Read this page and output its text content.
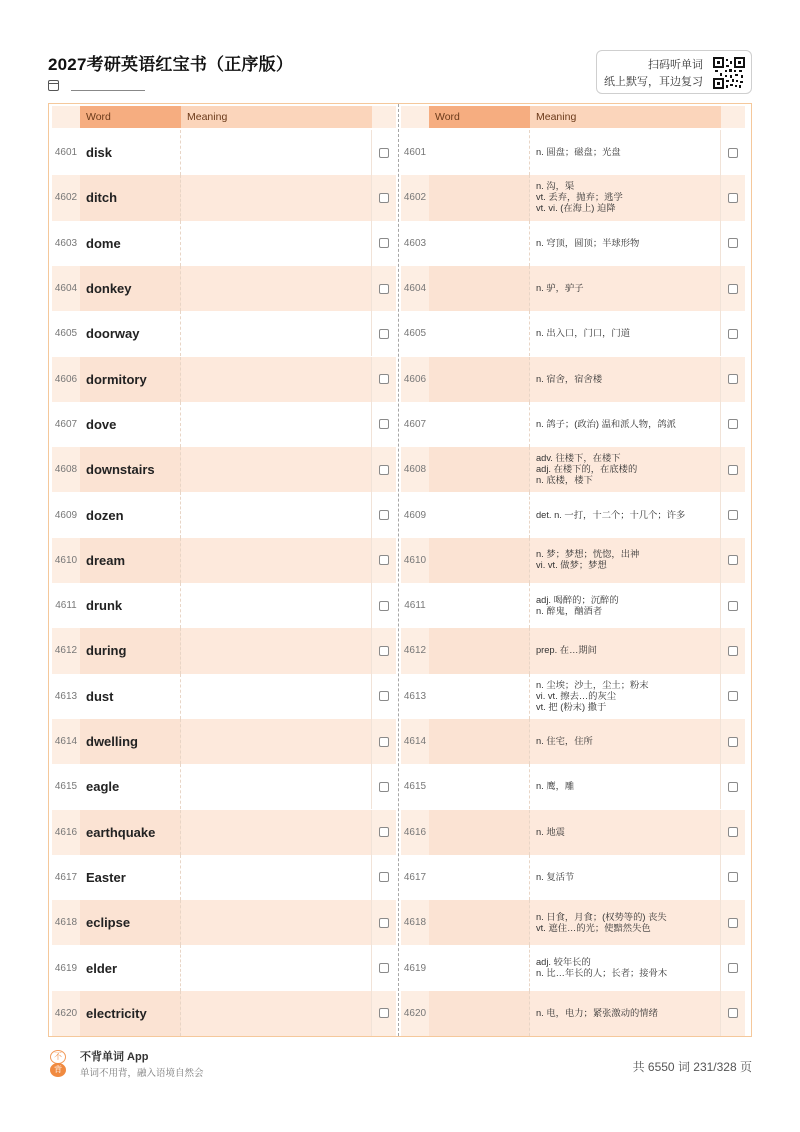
2027考研英语红宝书（正序版）	扫码听单词
纸上默写，耳边复习
Word	Meaning
4601 disk
4602 ditch
4603 dome
4604 donkey
4605 doorway
4606 dormitory
4607 dove
4608 downstairs
4609 dozen
4610 dream
4611 drunk
4612 during
4613 dust
4614 dwelling
4615 eagle
4616 earthquake
4617 Easter
4618 eclipse
4619 elder
4620 electricity
Word	Meaning
4601	n. 圆盘；磁盘；光盘
4602
n. 沟，渠
vt. 丢弃，抛弃；逃学
vt. vi. (在海上) 迫降
4603	n. 穹顶，圆顶；半球形物
4604	n. 驴，驴子
4605	n. 出入口，门口，门道
4606	n. 宿舍，宿舍楼
4607	n. 鸽子；(政治) 温和派人物，鸽派
4608
adv. 往楼下，在楼下
adj. 在楼下的，在底楼的
n. 底楼，楼下
4609	det. n. 一打，十二个；十几个；许多
4610
n. 梦；梦想；恍惚，出神
vi. vt. 做梦；梦想
4611
adj. 喝醉的；沉醉的
n. 醉鬼，酗酒者
4612	prep. 在…期间
4613
n. 尘埃；沙土，尘土；粉末
vi. vt. 擦去…的灰尘
vt. 把 (粉末) 撒于
4614	n. 住宅，住所
4615	n. 鹰，雕
4616	n. 地震
4617	n. 复活节
4618
n. 日食，月食；(权势等的) 丧失
vt. 遮住…的光；使黯然失色
4619
adj. 较年长的
n. 比…年长的人；长者；接骨木
4620	n. 电，电力；紧张激动的情绪
不
背
不背单词 App
单词不用背，融入语境自然会	共 6550 词 231/328 页
